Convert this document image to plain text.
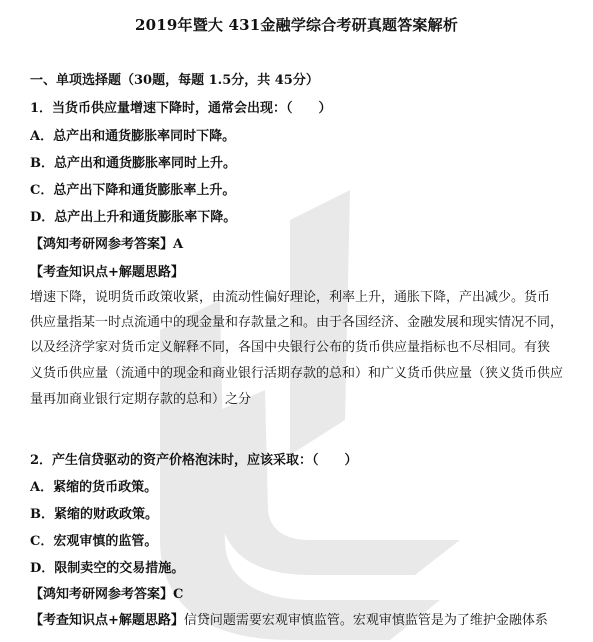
2019年暨大 431金融学综合考研真题答案解析
一、单项选择题（30题，每题 1.5分，共 45分）
1．当货币供应量增速下降时，通常会出现：（　　）
A．总产出和通货膨胀率同时下降。
B．总产出和通货膨胀率同时上升。
C．总产出下降和通货膨胀率上升。
D．总产出上升和通货膨胀率下降。
【鸿知考研网参考答案】A
【考查知识点+解题思路】
增速下降，说明货币政策收紧，由流动性偏好理论，利率上升，通胀下降，产出减少。货币
供应量指某一时点流通中的现金量和存款量之和。由于各国经济、金融发展和现实情况不同，
以及经济学家对货币定义解释不同，各国中央银行公布的货币供应量指标也不尽相同。有狭
义货币供应量（流通中的现金和商业银行活期存款的总和）和广义货币供应量（狭义货币供应
量再加商业银行定期存款的总和）之分
2．产生信贷驱动的资产价格泡沫时，应该采取：（　　）
A．紧缩的货币政策。
B．紧缩的财政政策。
C．宏观审慎的监管。
D．限制卖空的交易措施。
【鸿知考研网参考答案】C
【考查知识点+解题思路】信贷问题需要宏观审慎监管。宏观审慎监管是为了维护金融体系
